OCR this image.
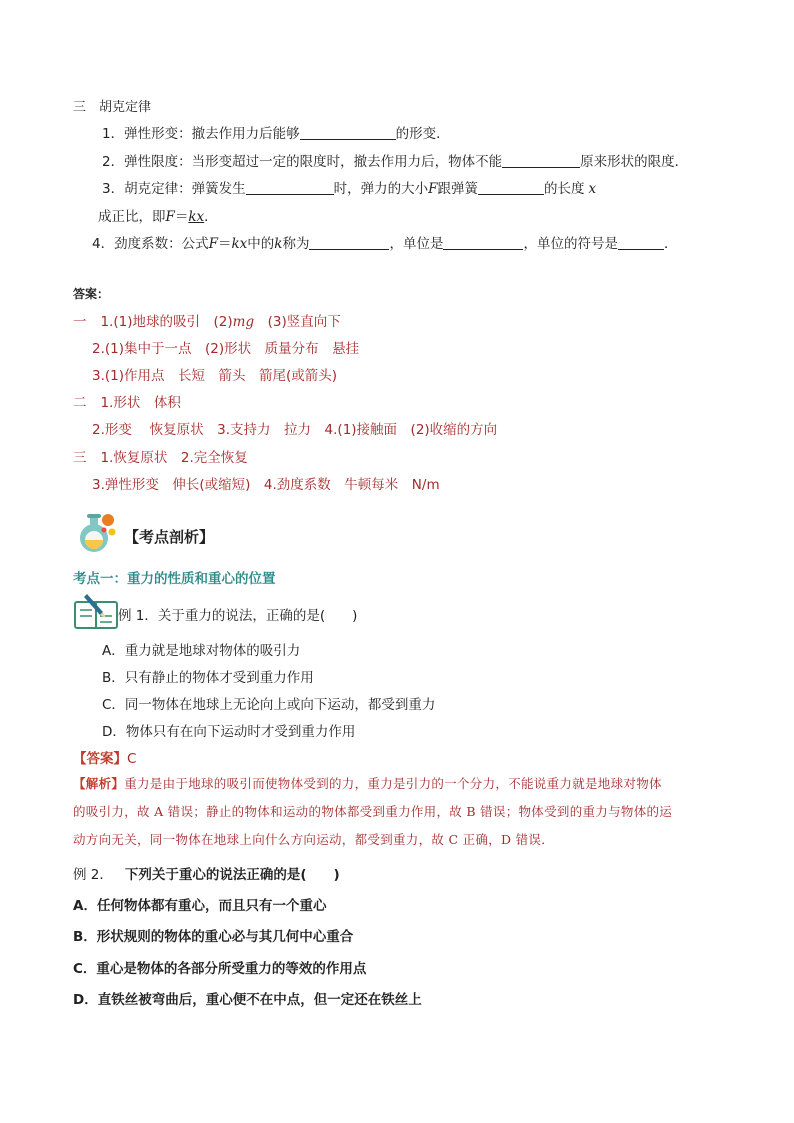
三　胡克定律
1．弹性形变：撤去作用力后能够	的形变．
2．弹性限度：当形变超过一定的限度时，撤去作用力后，物体不能	原来形状的限度．
3．胡克定律：弹簧发生	时，弹力的大小F跟弹簧	的长度 x
成正比，即F＝kx．
4．劲度系数：公式F＝kx中的k称为	，单位是	，单位的符号是	．
答案：
一 1.(1)地球的吸引　(2)mg　(3)竖直向下
2.(1)集中于一点　(2)形状　质量分布　悬挂
3.(1)作用点　长短　箭头　箭尾(或箭头)
二 1.形状　体积
2.形变　 恢复原状　3.支持力　拉力　4.(1)接触面　(2)收缩的方向
三 1.恢复原状　2.完全恢复
3.弹性形变　伸长(或缩短)　4.劲度系数　牛顿每米　N/m
【考点剖析】
考点一：重力的性质和重心的位置
例 1．关于重力的说法，正确的是(　　)
A．重力就是地球对物体的吸引力
B．只有静止的物体才受到重力作用
C．同一物体在地球上无论向上或向下运动，都受到重力
D．物体只有在向下运动时才受到重力作用
【答案】C
【解析】重力是由于地球的吸引而使物体受到的力，重力是引力的一个分力，不能说重力就是地球对物体
的吸引力，故 A 错误；静止的物体和运动的物体都受到重力作用，故 B 错误；物体受到的重力与物体的运
动方向无关，同一物体在地球上向什么方向运动，都受到重力，故 C 正确，D 错误．
例 2． 下列关于重心的说法正确的是(　　)
A．任何物体都有重心，而且只有一个重心
B．形状规则的物体的重心必与其几何中心重合
C．重心是物体的各部分所受重力的等效的作用点
D．直铁丝被弯曲后，重心便不在中点，但一定还在铁丝上
